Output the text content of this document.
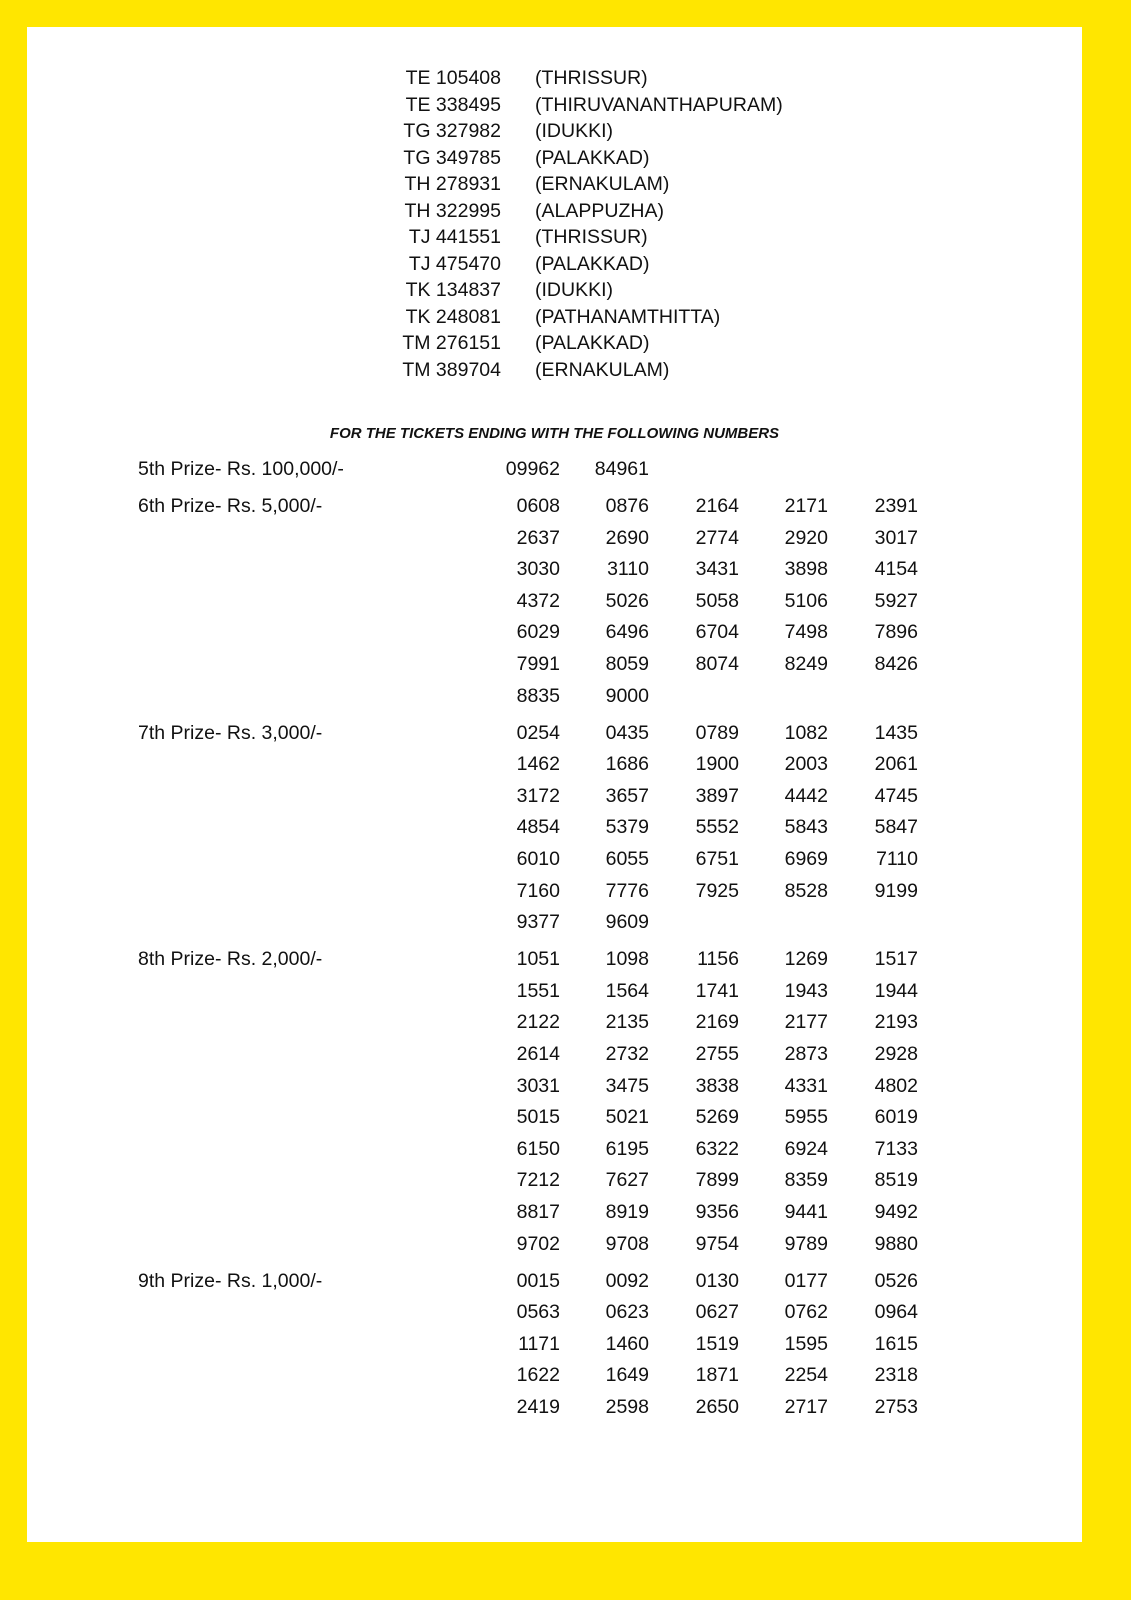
FOR THE TICKETS ENDING WITH THE FOLLOWING NUMBERS
TE 105408 (THRISSUR)
TE 338495 (THIRUVANANTHAPURAM)
TG 327982 (IDUKKI)
TG 349785 (PALAKKAD)
TH 278931 (ERNAKULAM)
TH 322995 (ALAPPUZHA)
TJ 441551 (THRISSUR)
TJ 475470 (PALAKKAD)
TK 134837 (IDUKKI)
TK 248081 (PATHANAMTHITTA)
TM 276151 (PALAKKAD)
TM 389704 (ERNAKULAM)
5th Prize- Rs. 100,000/-	09962	84961
6th Prize- Rs. 5,000/-	0608	0876	2164	2171	2391
2637	2690	2774	2920	3017
3030	3110	3431	3898	4154
4372	5026	5058	5106	5927
6029	6496	6704	7498	7896
7991	8059	8074	8249	8426
8835	9000
7th Prize- Rs. 3,000/-	0254	0435	0789	1082	1435
1462	1686	1900	2003	2061
3172	3657	3897	4442	4745
4854	5379	5552	5843	5847
6010	6055	6751	6969	7110
7160	7776	7925	8528	9199
9377	9609
8th Prize- Rs. 2,000/-	1051	1098	1156	1269	1517
1551	1564	1741	1943	1944
2122	2135	2169	2177	2193
2614	2732	2755	2873	2928
3031	3475	3838	4331	4802
5015	5021	5269	5955	6019
6150	6195	6322	6924	7133
7212	7627	7899	8359	8519
8817	8919	9356	9441	9492
9702	9708	9754	9789	9880
9th Prize- Rs. 1,000/-	0015	0092	0130	0177	0526
0563	0623	0627	0762	0964
1171	1460	1519	1595	1615
1622	1649	1871	2254	2318
2419	2598	2650	2717	2753
